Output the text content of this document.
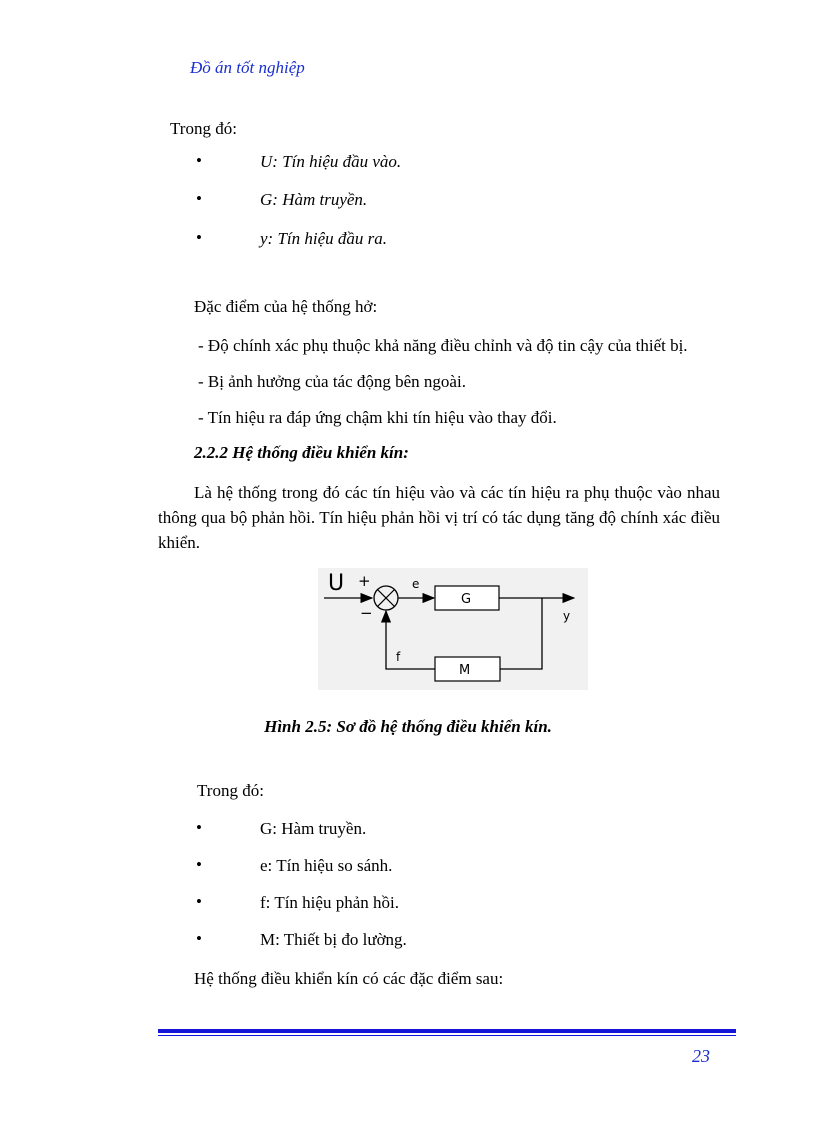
Đồ án tốt nghiệp
Trong đó:
•	U: Tín hiệu đầu vào.
•	G: Hàm truyền.
•	y: Tín hiệu đầu ra.
Đặc điểm của hệ thống hở:
- Độ chính xác phụ thuộc khả năng điều chỉnh và độ tin cậy của thiết bị.
- Bị ảnh hưởng của tác động bên ngoài.
- Tín hiệu ra đáp ứng chậm khi tín hiệu vào thay đổi.
2.2.2 Hệ thống điều khiển kín:
Là hệ thống trong đó các tín hiệu vào và các tín hiệu ra phụ thuộc vào nhau thông qua bộ phản hồi. Tín hiệu phản hồi vị trí có tác dụng tăng độ chính xác điều khiển.
U +
−
e
G
y
M
f
Hình 2.5: Sơ đồ hệ thống điều khiển kín.
Trong đó:
•	G: Hàm truyền.
•	e: Tín hiệu so sánh.
•	f: Tín hiệu phản hồi.
•	M: Thiết bị đo lường.
Hệ thống điều khiển kín có các đặc điểm sau:
23
